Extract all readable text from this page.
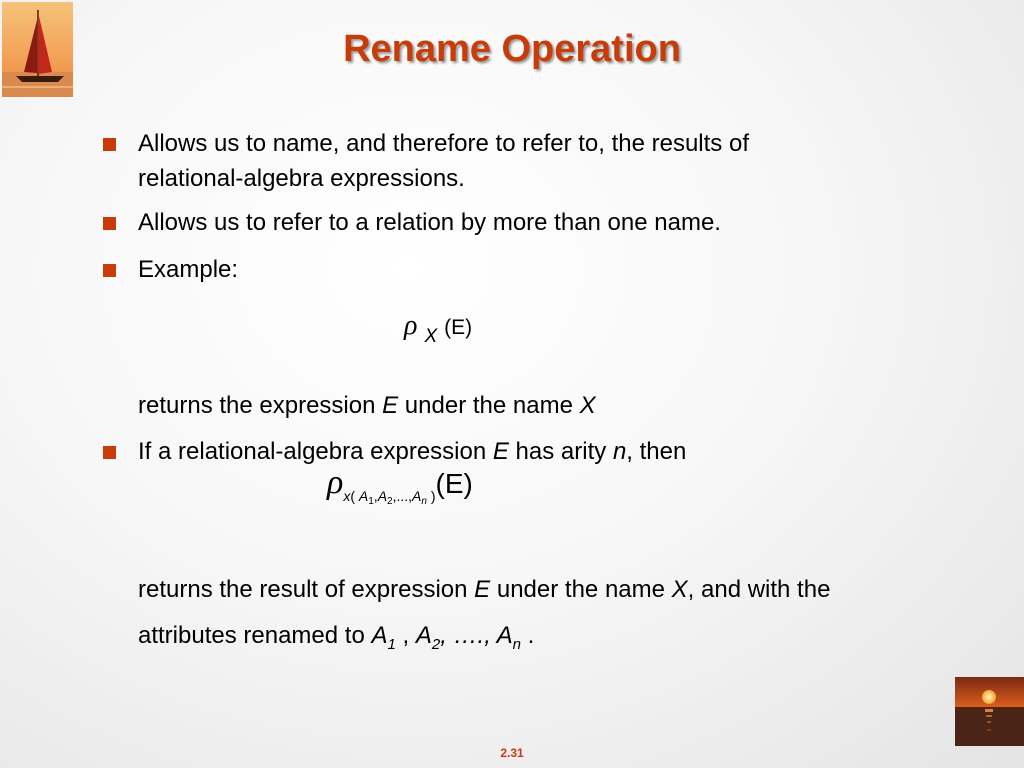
Rename Operation
Allows us to name, and therefore to refer to, the results of
relational-algebra expressions.
Allows us to refer to a relation by more than one name.
Example:
ρ $_X$ (E)
returns the expression E under the name X
If a relational-algebra expression E has arity n, then
$\rho_{x( A_1,A_2,...,A_n )}(E)$
returns the result of expression E under the name X, and with the
attributes renamed to $A_1$ , $A_2$, …., $A_n$ .
2.31
